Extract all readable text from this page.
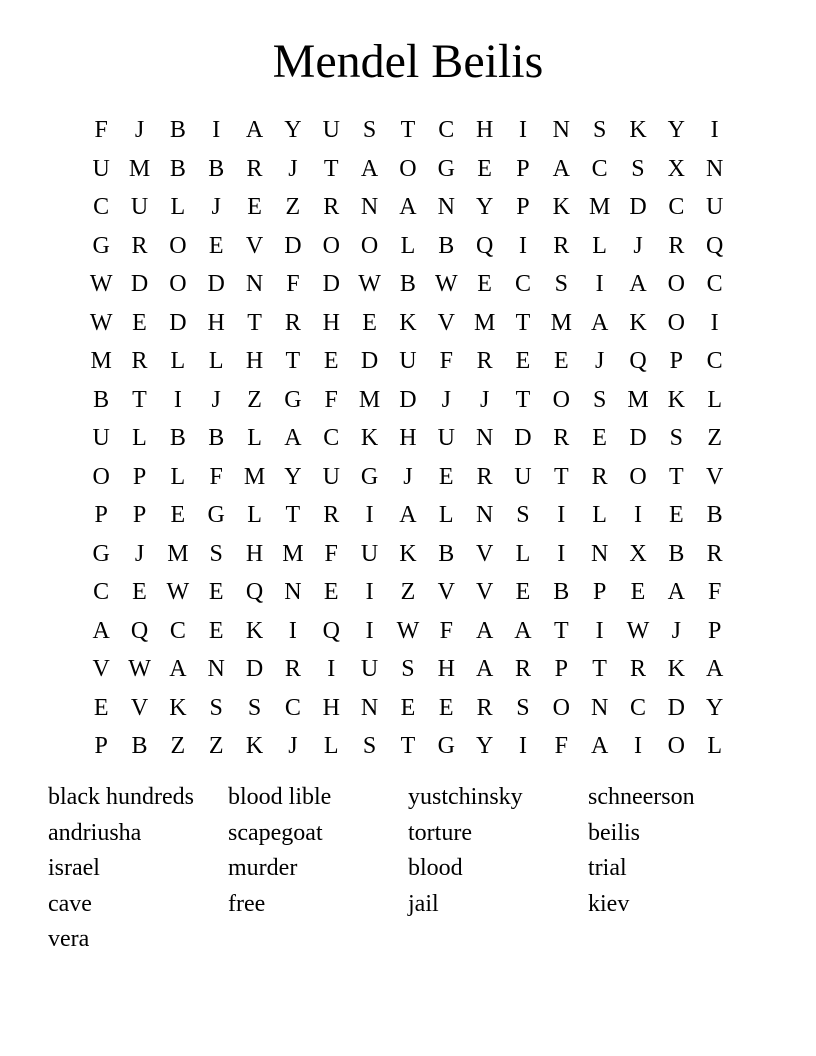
Mendel Beilis
F	J	B	I	A Y U S	T C H	I	N S K Y	I
U M B B R	J	T A O G E	P A C S X N
C U L	J	E Z R N A N Y P K M D C U
G R O E V D O O L B Q	I	R L	J	R Q
W D O D N F D W B W E C S	I	A O C
W E D H T R H E K V M T M A K O	I
M R L L H T E D U F R E E	J	Q P C
B T	I	J	Z G F M D	J	J	T O S M K L
U L B B L A C K H U N D R E D S	Z
O P	L	F M Y U G	J	E R U T R O T V
P	P	E G L T R	I	A L N S	I	L	I	E B
G	J M S H M F U K B V L	I	N X B R
C E W E Q N E	I	Z V V E B P	E A F
A Q C E K	I	Q	I W F A A T	I W J	P
V W A N D R	I	U S H A R P	T R K A
E V K S	S C H N E E R S O N C D Y
P B Z Z K	J	L	S	T G Y	I	F A	I	O L
black hundreds	blood lible	yustchinsky	schneerson
andriusha	scapegoat	torture	beilis
israel	murder	blood	trial
cave	free	jail	kiev
vera
